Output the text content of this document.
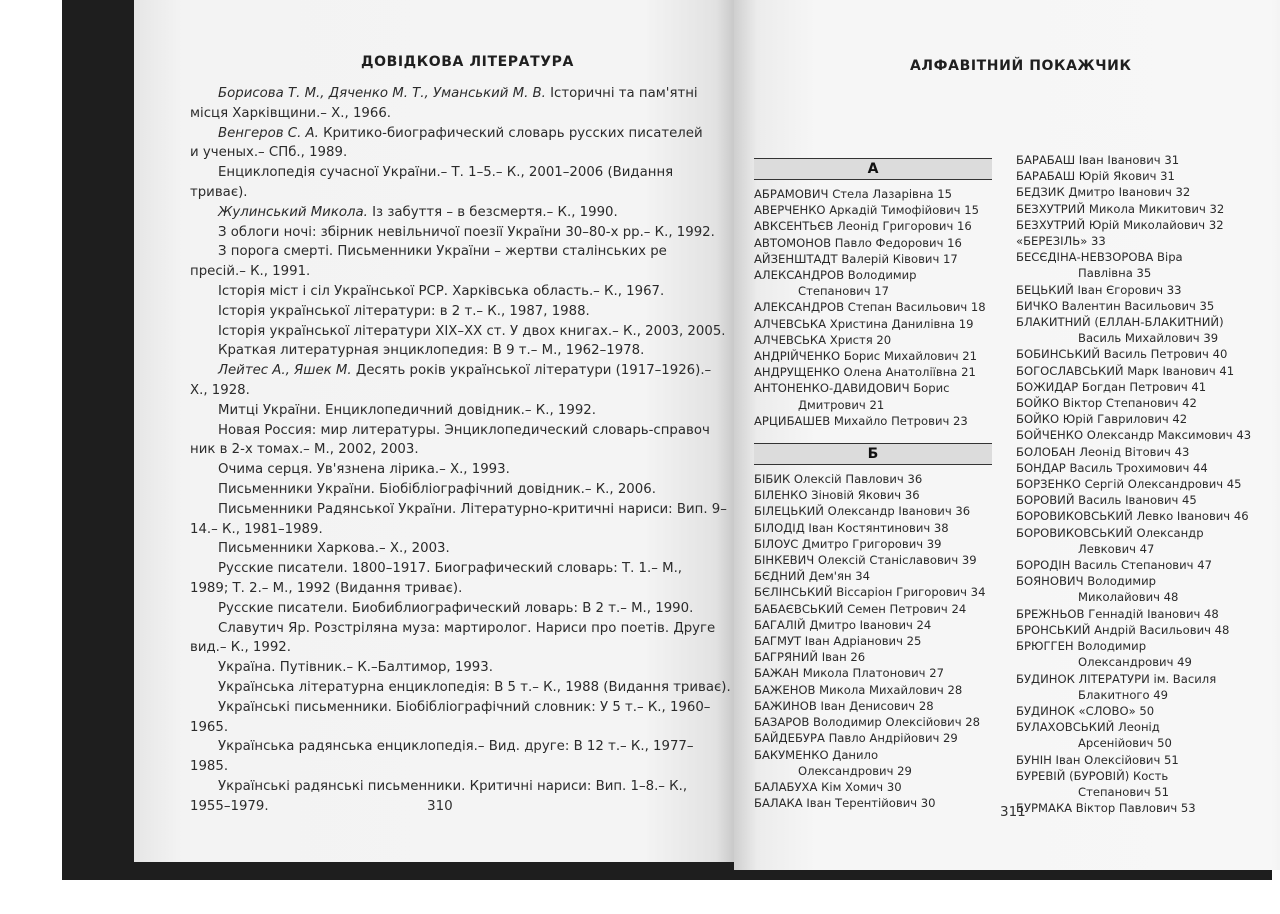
ДОВІДКОВА ЛІТЕРАТУРА
Борисова Т. М., Дяченко М. Т., Уманський М. В. Історичні та пам'ятні
місця Харківщини.– Х., 1966.
Венгеров С. А. Критико-биографический словарь русских писателей
и ученых.– СПб., 1989.
Енциклопедія сучасної України.– Т. 1–5.– К., 2001–2006 (Видання
триває).
Жулинський Микола. Із забуття – в безсмертя.– К., 1990.
З облоги ночі: збірник невільничої поезії України 30–80-х рр.– К., 1992.
З порога смерті. Письменники України – жертви сталінських ре
пресій.– К., 1991.
Історія міст і сіл Української РСР. Харківська область.– К., 1967.
Історія української літератури: в 2 т.– К., 1987, 1988.
Історія української літератури XIX–XX ст. У двох книгах.– К., 2003, 2005.
Краткая литературная энциклопедия: В 9 т.– М., 1962–1978.
Лейтес А., Яшек М. Десять років української літератури (1917–1926).–
Х., 1928.
Митці України. Енциклопедичний довідник.– К., 1992.
Новая Россия: мир литературы. Энциклопедический словарь-справоч
ник в 2-х томах.– М., 2002, 2003.
Очима серця. Ув'язнена лірика.– Х., 1993.
Письменники України. Біобібліографічний довідник.– К., 2006.
Письменники Радянської України. Літературно-критичні нариси: Вип. 9–
14.– К., 1981–1989.
Письменники Харкова.– Х., 2003.
Русские писатели. 1800–1917. Биографический словарь: Т. 1.– М.,
1989; Т. 2.– М., 1992 (Видання триває).
Русские писатели. Биобиблиографический ловарь: В 2 т.– М., 1990.
Славутич Яр. Розстріляна муза: мартиролог. Нариси про поетів. Друге
вид.– К., 1992.
Україна. Путівник.– К.–Балтимор, 1993.
Українська літературна енциклопедія: В 5 т.– К., 1988 (Видання триває).
Українські письменники. Біобібліографічний словник: У 5 т.– К., 1960–
1965.
Українська радянська енциклопедія.– Вид. друге: В 12 т.– К., 1977–
1985.
Українські радянські письменники. Критичні нариси: Вип. 1–8.– К.,
1955–1979.	310
АЛФАВІТНИЙ ПОКАЖЧИК
А
АБРАМОВИЧ Стела Лазарівна 15
АВЕРЧЕНКО Аркадій Тимофійович 15
АВКСЕНТЬЄВ Леонід Григорович 16
АВТОМОНОВ Павло Федорович 16
АЙЗЕНШТАДТ Валерій Ківович 17
АЛЕКСАНДРОВ Володимир
Степанович 17
АЛЕКСАНДРОВ Степан Васильович 18
АЛЧЕВСЬКА Христина Данилівна 19
АЛЧЕВСЬКА Христя 20
АНДРІЙЧЕНКО Борис Михайлович 21
АНДРУЩЕНКО Олена Анатоліївна 21
АНТОНЕНКО-ДАВИДОВИЧ Борис
Дмитрович 21
АРЦИБАШЕВ Михайло Петрович 23
Б
БІБИК Олексій Павлович 36
БІЛЕНКО Зіновій Якович 36
БІЛЕЦЬКИЙ Олександр Іванович 36
БІЛОДІД Іван Костянтинович 38
БІЛОУС Дмитро Григорович 39
БІНКЕВИЧ Олексій Станіславович 39
БЄДНИЙ Дем'ян 34
БЄЛІНСЬКИЙ Віссаріон Григорович 34
БАБАЄВСЬКИЙ Семен Петрович 24
БАГАЛІЙ Дмитро Іванович 24
БАГМУТ Іван Адріанович 25
БАГРЯНИЙ Іван 26
БАЖАН Микола Платонович 27
БАЖЕНОВ Микола Михайлович 28
БАЖИНОВ Іван Денисович 28
БАЗАРОВ Володимир Олексійович 28
БАЙДЕБУРА Павло Андрійович 29
БАКУМЕНКО Данило
Олександрович 29
БАЛАБУХА Кім Хомич 30
БАЛАКА Іван Терентійович 30
БАРАБАШ Іван Іванович 31
БАРАБАШ Юрій Якович 31
БЕДЗИК Дмитро Іванович 32
БЕЗХУТРИЙ Микола Микитович 32
БЕЗХУТРИЙ Юрій Миколайович 32
«БЕРЕЗІЛЬ» 33
БЕСЄДІНА-НЕВЗОРОВА Віра
Павлівна 35
БЕЦЬКИЙ Іван Єгорович 33
БИЧКО Валентин Васильович 35
БЛАКИТНИЙ (ЕЛЛАН-БЛАКИТНИЙ)
Василь Михайлович 39
БОБИНСЬКИЙ Василь Петрович 40
БОГОСЛАВСЬКИЙ Марк Іванович 41
БОЖИДАР Богдан Петрович 41
БОЙКО Віктор Степанович 42
БОЙКО Юрій Гаврилович 42
БОЙЧЕНКО Олександр Максимович 43
БОЛОБАН Леонід Вітович 43
БОНДАР Василь Трохимович 44
БОРЗЕНКО Сергій Олександрович 45
БОРОВИЙ Василь Іванович 45
БОРОВИКОВСЬКИЙ Левко Іванович 46
БОРОВИКОВСЬКИЙ Олександр
Левкович 47
БОРОДІН Василь Степанович 47
БОЯНОВИЧ Володимир
Миколайович 48
БРЕЖНЬОВ Геннадій Іванович 48
БРОНСЬКИЙ Андрій Васильович 48
БРЮГГЕН Володимир
Олександрович 49
БУДИНОК ЛІТЕРАТУРИ ім. Василя
Блакитного 49
БУДИНОК «СЛОВО» 50
БУЛАХОВСЬКИЙ Леонід
Арсенійович 50
БУНІН Іван Олексійович 51
БУРЕВІЙ (БУРОВІЙ) Кость
Степанович 51
БУРМАКА Віктор Павлович 53
311
